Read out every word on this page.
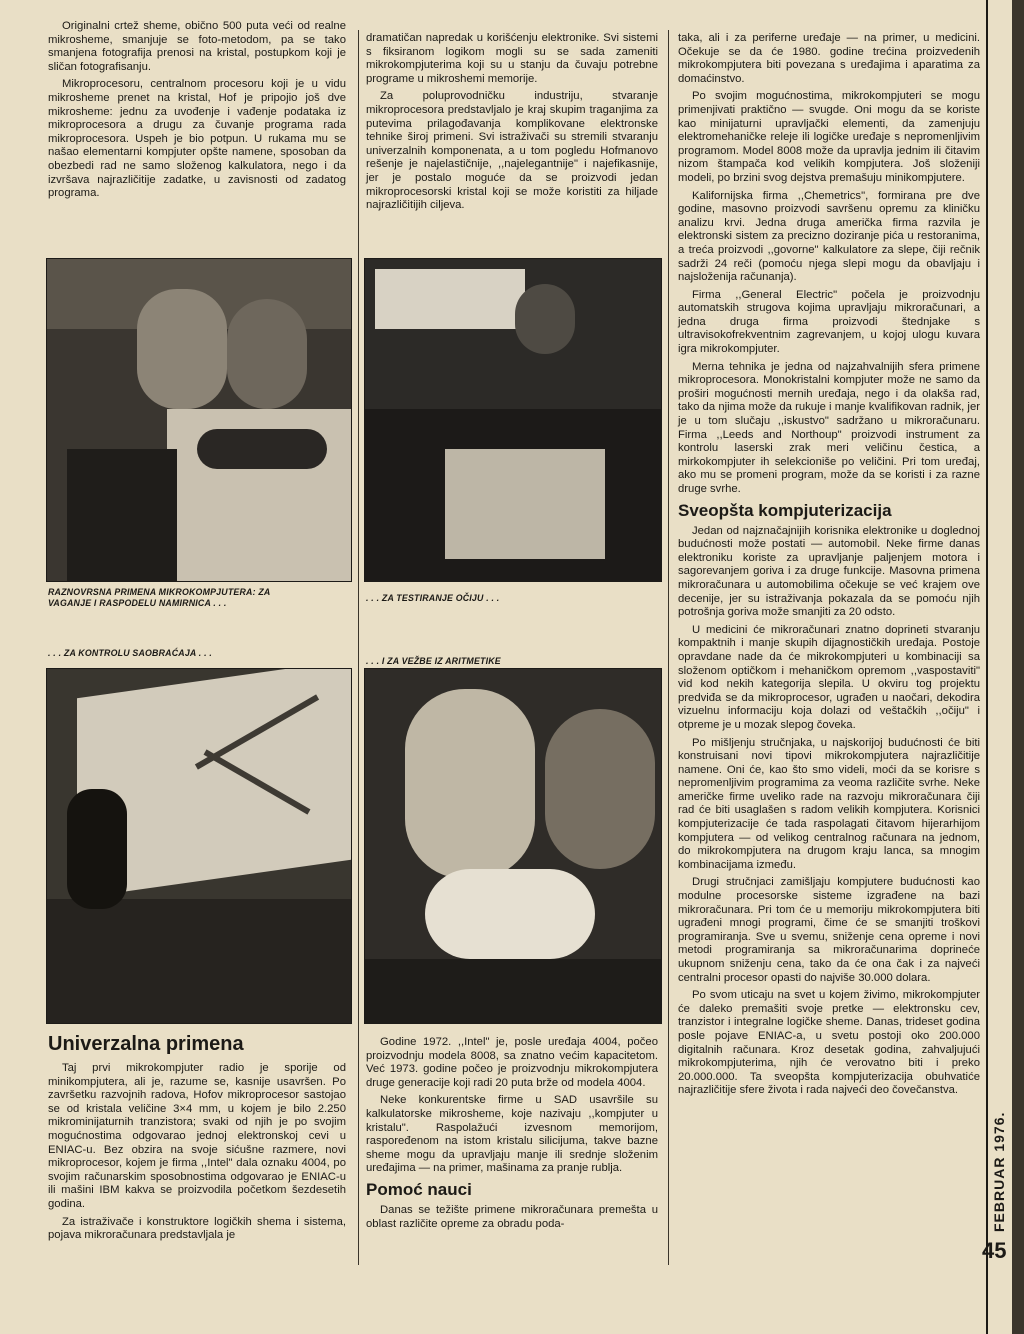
Originalni crtež sheme, obično 500 puta veći od realne mikrosheme, smanjuje se foto-metodom, pa se tako smanjena fotografija prenosi na kristal, postupkom koji je sličan fotografisanju.

Mikroprocesoru, centralnom procesoru koji je u vidu mikrosheme prenet na kristal, Hof je pripojio još dve mikrosheme: jednu za uvođenje i vađenje podataka iz mikroprocesora a drugu za čuvanje programa rada mikroprocesora. Uspeh je bio potpun. U rukama mu se našao elementarni kompjuter opšte namene, sposoban da obezbedi rad ne samo složenog kalkulatora, nego i da izvršava najrazličitije zadatke, u zavisnosti od zadatog programa.

dramatičan napredak u korišćenju elektronike. Svi sistemi s fiksiranom logikom mogli su se sada zameniti mikrokompjuterima koji su u stanju da čuvaju potrebne programe u mikroshemi memorije.

Za poluprovodničku industriju, stvaranje mikroprocesora predstavljalo je kraj skupim traganjima za putevima prilagođavanja komplikovane elektronske tehnike širој primeni. Svi istraživači su stremili stvaranju univerzalnih komponenata, a u tom pogledu Hofmanovo rešenje je najelastičnije, ,,najelegantnije" i najefikasnije, jer je postalo moguće da se proizvodi jedan mikroprocesorski kristal koji se može koristiti za hiljade najrazličitijih ciljeva.

RAZNOVRSNA PRIMENA MIKROKOMPJUTERA: ZA VAGANJE I RASPODELU NAMIRNICA . . .	. . . ZA TESTIRANJE OČIJU . . .

taka, ali i za periferne uređaje — na primer, u medicini. Očekuje se da će 1980. godine trećina proizvedenih mikrokompjutera biti povezana s uređajima i aparatima za domaćinstvo.

Po svojim mogućnostima, mikrokompjuteri se mogu primenjivati praktično — svugde. Oni mogu da se koriste kao minijaturni upravljački elementi, da zamenjuju elektromehaničke releje ili logičke uređaje s nepromenljivim programom. Model 8008 može da upravlja jednim ili čitavim nizom štampača kod velikih kompjutera. Još složeniji modeli, po brzini svog dejstva premašuju minikompjutere.

Kalifornijska firma ,,Chemetrics", formirana pre dve godine, masovno proizvodi savršenu opremu za kliničku analizu krvi. Jedna druga američka firma razvila je elektronski sistem za precizno doziranje pića u restoranima, a treća proizvodi ,,govorne" kalkulatore za slepe, čiji rečnik sadrži 24 reči (pomoću njega slepi mogu da obavljaju i najsloženija računanja).

Firma ,,General Electric" počela je proizvodnju automatskih strugova kojima upravljaju mikroračunari, a jedna druga firma proizvodi štednjake s ultravisokofrekventnim zagrevanjem, u kojoj ulogu kuvara igra mikrokompjuter.

Merna tehnika je jedna od najzahvalnijih sfera primene mikroprocesora. Monokristalni kompjuter može ne samo da proširi mogućnosti mernih uređaja, nego i da olakša rad, tako da njima može da rukuje i manje kvalifikovan radnik, jer je u tom slučaju ,,iskustvo" sadržano u mikroračunaru. Firma ,,Leeds and Northoup" proizvodi instrument za kontrolu laserski zrak meri veličinu čestica, a mirkokompjuter ih selekcioniše po veličini. Pri tom uređaj, ako mu se promeni program, može da se koristi i za razne druge svrhe.

Sveopšta kompjuterizacija

Jedan od najznačajnijih korisnika elektronike u doglednoj budućnosti može postati — automobil. Neke firme danas elektroniku koriste za upravljanje paljenjem motora i sagorevanjem goriva i za druge funkcije. Masovna primena mikroračunara u automobilima očekuje se već krajem ove decenije, jer su istraživanja pokazala da se pomoću njih potrošnja goriva može smanjiti za 20 odsto.

U medicini će mikroračunari znatno doprineti stvaranju kompaktnih i manje skupih dijagnostičkih uređaja. Postoje opravdane nade da će mikrokompjuteri u kombinaciji sa složenom optičkom i mehaničkom opremom ,,vaspostaviti" vid kod nekih kategorija slepila. U okviru tog projektu predviđa se da mikroprocesor, ugrađen u naočari, dekodira vizuelnu informaciju koja dolazi od veštačkih ,,očiju" i otpreme je u mozak slepog čoveka.

Po mišljenju stručnjaka, u najskorijoj budućnosti će biti konstruisani novi tipovi mikrokompjutera najrazličitije namene. Oni će, kao što smo videli, moći da se korisre s nepromenljivim programima za veoma različite svrhe. Neke američke firme uveliko rade na razvoju mikroračunara čiji rad će biti usaglašen s radom velikih kompjutera. Korisnici kompjuterizacije će tada raspolagati čitavom hijerarhijom kompjutera — od velikog centralnog računara na jednom, do mikrokompjutera na drugom kraju lanca, sa mnogim kombinacijama između.

Drugi stručnjaci zamišljaju kompjutere budućnosti kao modulne procesorske sisteme izgrađene na bazi mikroračunara. Pri tom će u memoriju mikrokompjutera biti ugrađeni mnogi programi, čime će se smanjiti troškovi programiranja. Sve u svemu, sniženje cena opreme i novi metodi programiranja sa mikroračunarima doprineće ukupnom sniženju cena, tako da će ona čak i za najveći centralni procesor opasti do najviše 30.000 dolara.

Po svom uticaju na svet u kojem živimo, mikrokompjuter će daleko premašiti svoje pretke — elektronsku cev, tranzistor i integralne logičke sheme. Danas, trideset godina posle pojave ENIAC-a, u svetu postoji oko 200.000 digitalnih računara. Kroz desetak godina, zahvaljujući mikrokompjuterima, njih će verovatno biti i preko 20.000.000. Ta sveopšta kompjuterizacija obuhvatiće najrazličitije sfere života i rada najveći deo čovečanstva.

. . . ZA KONTROLU SAOBRAĆAJA . . .
. . . I ZA VEŽBE IZ ARITMETIKE
Univerzalna primena

Taj prvi mikrokompjuter radio je sporije od minikompjutera, ali je, razume se, kasnije usavršen. Po završetku razvojnih radova, Hofov mikroprocesor sastojao se od kristala veličine 3×4 mm, u kojem je bilo 2.250 mikrominijaturnih tranzistora; svaki od njih je po svojim mogućnostima odgovarao jednoj elektronskoj cevi u ENIAC-u. Bez obzira na svoje sićušne razmere, novi mikroprocesor, kojem je firma ,,Intel" dala oznaku 4004, po svojim računarskim sposobnostima odgovarao je ENIAC-u ili mašini IBM kakva se proizvodila početkom šezdesetih godina.

Za istraživače i konstruktore logičkih shema i sistema, pojava mikroračunara predstavljala je

Godine 1972. ,,Intel" je, posle uređaja 4004, počeo proizvodnju modela 8008, sa znatno većim kapacitetom. Već 1973. godine počeo je proizvodnju mikrokompjutera druge generacije koji radi 20 puta brže od modela 4004.

Neke konkurentske firme u SAD usavršile su kalkulatorske mikrosheme, koje nazivaju ,,kompjuter u kristalu". Raspolažući izvesnom memorijom, raspoređenom na istom kristalu silicijuma, takve bazne sheme mogu da upravljaju manje ili srednje složenim uređajima — na primer, mašinama za pranje rublja.

Pomoć nauci

Danas se težište primene mikroračunara premešta u oblast različite opreme za obradu poda-	FEBRUAR 1976.
45
